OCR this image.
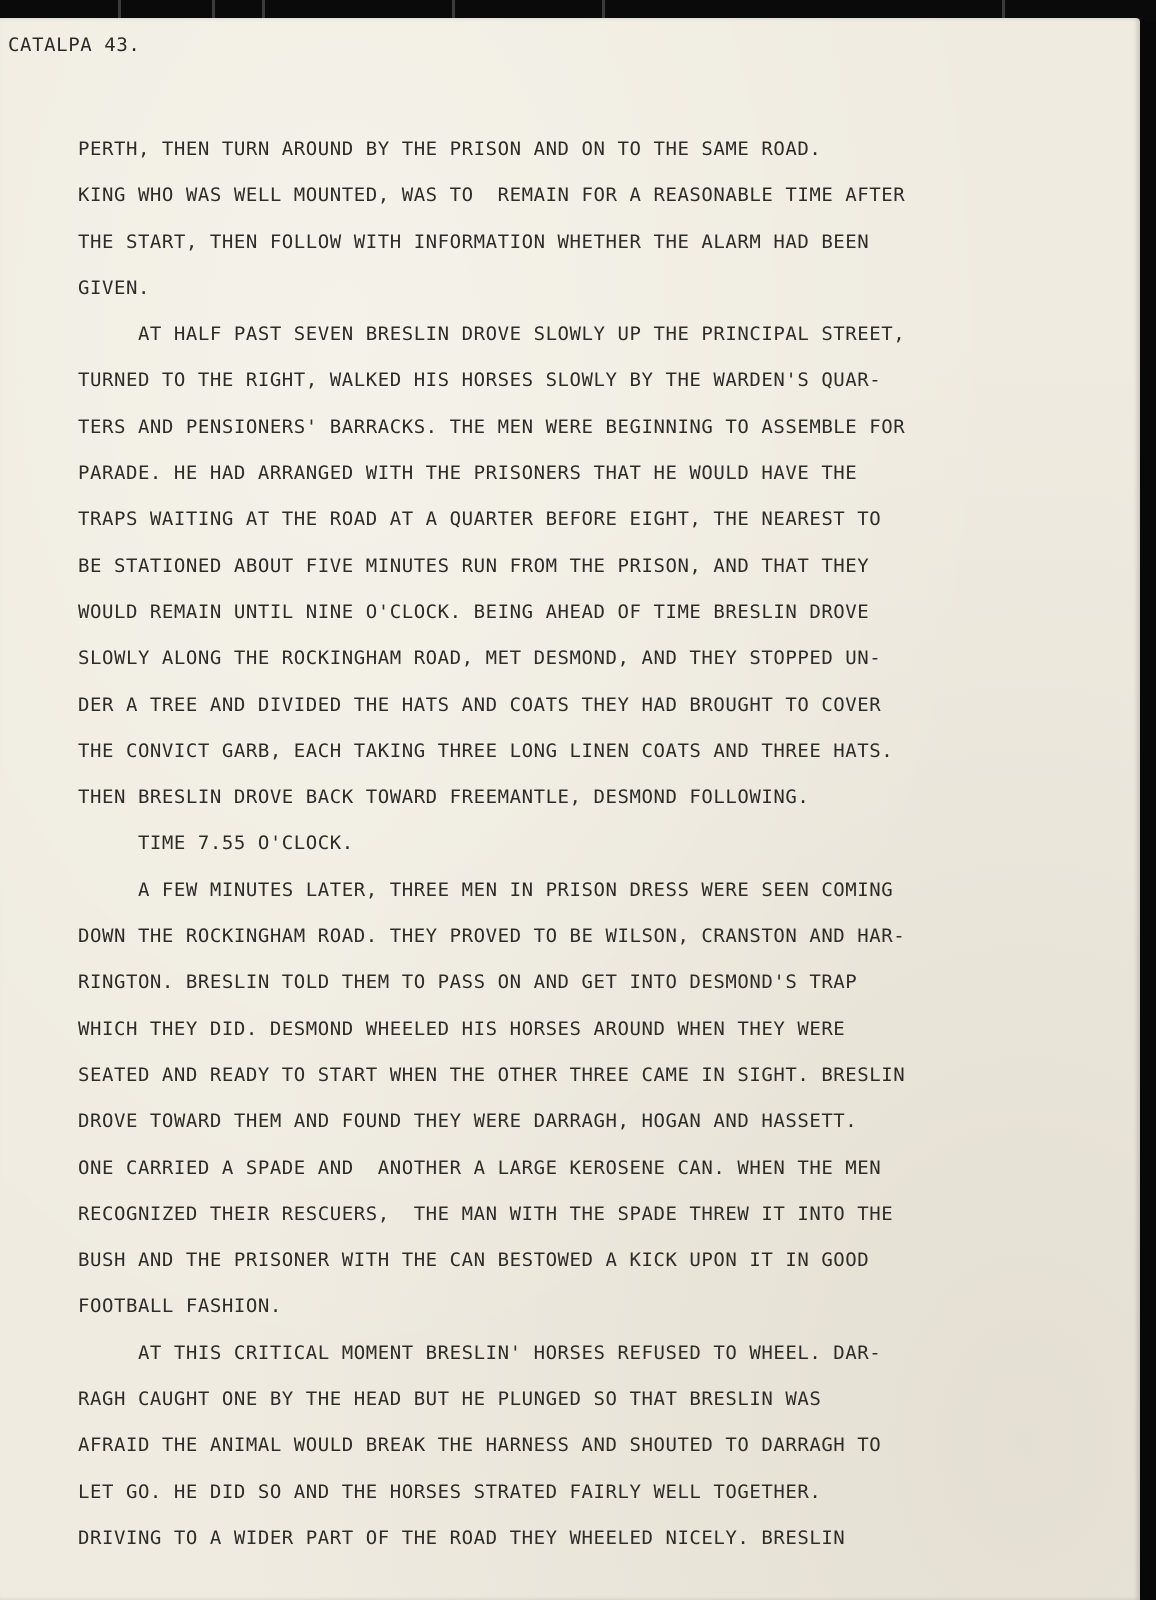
CATALPA 43.
PERTH, THEN TURN AROUND BY THE PRISON AND ON TO THE SAME ROAD.
KING WHO WAS WELL MOUNTED, WAS TO  REMAIN FOR A REASONABLE TIME AFTER
THE START, THEN FOLLOW WITH INFORMATION WHETHER THE ALARM HAD BEEN
GIVEN.
AT HALF PAST SEVEN BRESLIN DROVE SLOWLY UP THE PRINCIPAL STREET,
TURNED TO THE RIGHT, WALKED HIS HORSES SLOWLY BY THE WARDEN'S QUAR-
TERS AND PENSIONERS' BARRACKS. THE MEN WERE BEGINNING TO ASSEMBLE FOR
PARADE. HE HAD ARRANGED WITH THE PRISONERS THAT HE WOULD HAVE THE
TRAPS WAITING AT THE ROAD AT A QUARTER BEFORE EIGHT, THE NEAREST TO
BE STATIONED ABOUT FIVE MINUTES RUN FROM THE PRISON, AND THAT THEY
WOULD REMAIN UNTIL NINE O'CLOCK. BEING AHEAD OF TIME BRESLIN DROVE
SLOWLY ALONG THE ROCKINGHAM ROAD, MET DESMOND, AND THEY STOPPED UN-
DER A TREE AND DIVIDED THE HATS AND COATS THEY HAD BROUGHT TO COVER
THE CONVICT GARB, EACH TAKING THREE LONG LINEN COATS AND THREE HATS.
THEN BRESLIN DROVE BACK TOWARD FREEMANTLE, DESMOND FOLLOWING.
TIME 7.55 O'CLOCK.
A FEW MINUTES LATER, THREE MEN IN PRISON DRESS WERE SEEN COMING
DOWN THE ROCKINGHAM ROAD. THEY PROVED TO BE WILSON, CRANSTON AND HAR-
RINGTON. BRESLIN TOLD THEM TO PASS ON AND GET INTO DESMOND'S TRAP
WHICH THEY DID. DESMOND WHEELED HIS HORSES AROUND WHEN THEY WERE
SEATED AND READY TO START WHEN THE OTHER THREE CAME IN SIGHT. BRESLIN
DROVE TOWARD THEM AND FOUND THEY WERE DARRAGH, HOGAN AND HASSETT.
ONE CARRIED A SPADE AND  ANOTHER A LARGE KEROSENE CAN. WHEN THE MEN
RECOGNIZED THEIR RESCUERS,  THE MAN WITH THE SPADE THREW IT INTO THE
BUSH AND THE PRISONER WITH THE CAN BESTOWED A KICK UPON IT IN GOOD
FOOTBALL FASHION.
AT THIS CRITICAL MOMENT BRESLIN' HORSES REFUSED TO WHEEL. DAR-
RAGH CAUGHT ONE BY THE HEAD BUT HE PLUNGED SO THAT BRESLIN WAS
AFRAID THE ANIMAL WOULD BREAK THE HARNESS AND SHOUTED TO DARRAGH TO
LET GO. HE DID SO AND THE HORSES STRATED FAIRLY WELL TOGETHER.
DRIVING TO A WIDER PART OF THE ROAD THEY WHEELED NICELY. BRESLIN
